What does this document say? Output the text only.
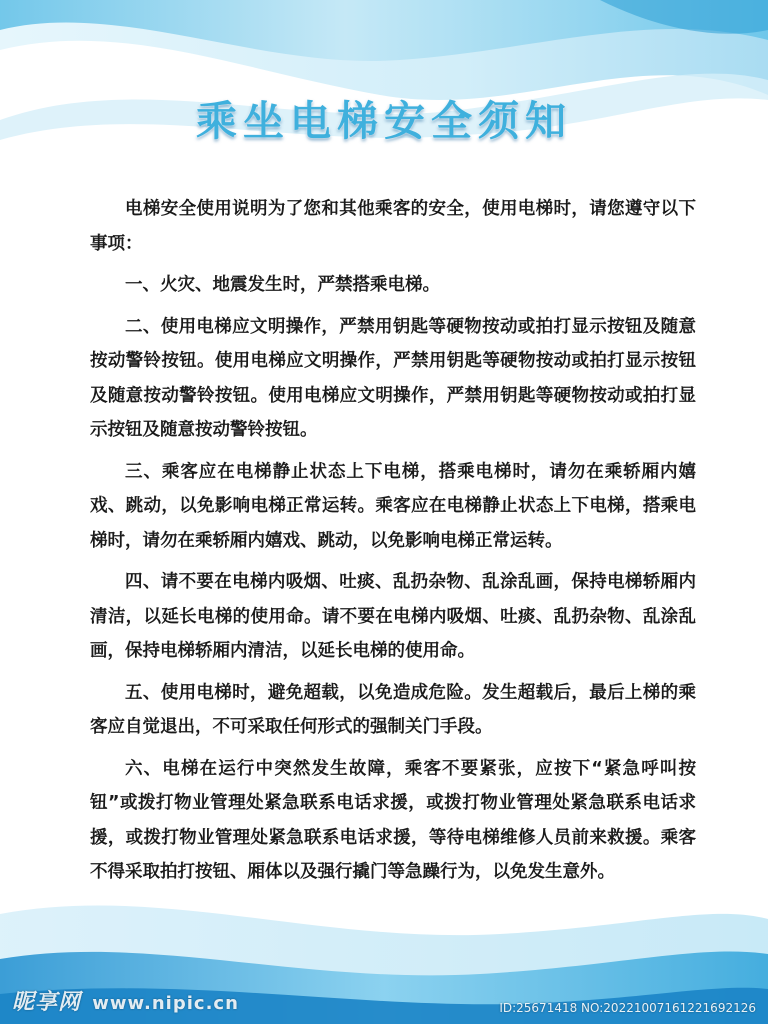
乘坐电梯安全须知

电梯安全使用说明为了您和其他乘客的安全，使用电梯时，请您遵守以下事项：

一、火灾、地震发生时，严禁搭乘电梯。

二、使用电梯应文明操作，严禁用钥匙等硬物按动或拍打显示按钮及随意按动警铃按钮。使用电梯应文明操作，严禁用钥匙等硬物按动或拍打显示按钮及随意按动警铃按钮。使用电梯应文明操作，严禁用钥匙等硬物按动或拍打显示按钮及随意按动警铃按钮。

三、乘客应在电梯静止状态上下电梯，搭乘电梯时，请勿在乘轿厢内嬉戏、跳动，以免影响电梯正常运转。乘客应在电梯静止状态上下电梯，搭乘电梯时，请勿在乘轿厢内嬉戏、跳动，以免影响电梯正常运转。

四、请不要在电梯内吸烟、吐痰、乱扔杂物、乱涂乱画，保持电梯轿厢内清洁，以延长电梯的使用命。请不要在电梯内吸烟、吐痰、乱扔杂物、乱涂乱画，保持电梯轿厢内清洁，以延长电梯的使用命。

五、使用电梯时，避免超载，以免造成危险。发生超载后，最后上梯的乘客应自觉退出，不可采取任何形式的强制关门手段。

六、电梯在运行中突然发生故障，乘客不要紧张，应按下“紧急呼叫按钮”或拨打物业管理处紧急联系电话求援，或拨打物业管理处紧急联系电话求援，或拨打物业管理处紧急联系电话求援，等待电梯维修人员前来救援。乘客不得采取拍打按钮、厢体以及强行撬门等急躁行为，以免发生意外。

昵享网 www.nipic.cn	ID:25671418 NO:20221007161221692126
